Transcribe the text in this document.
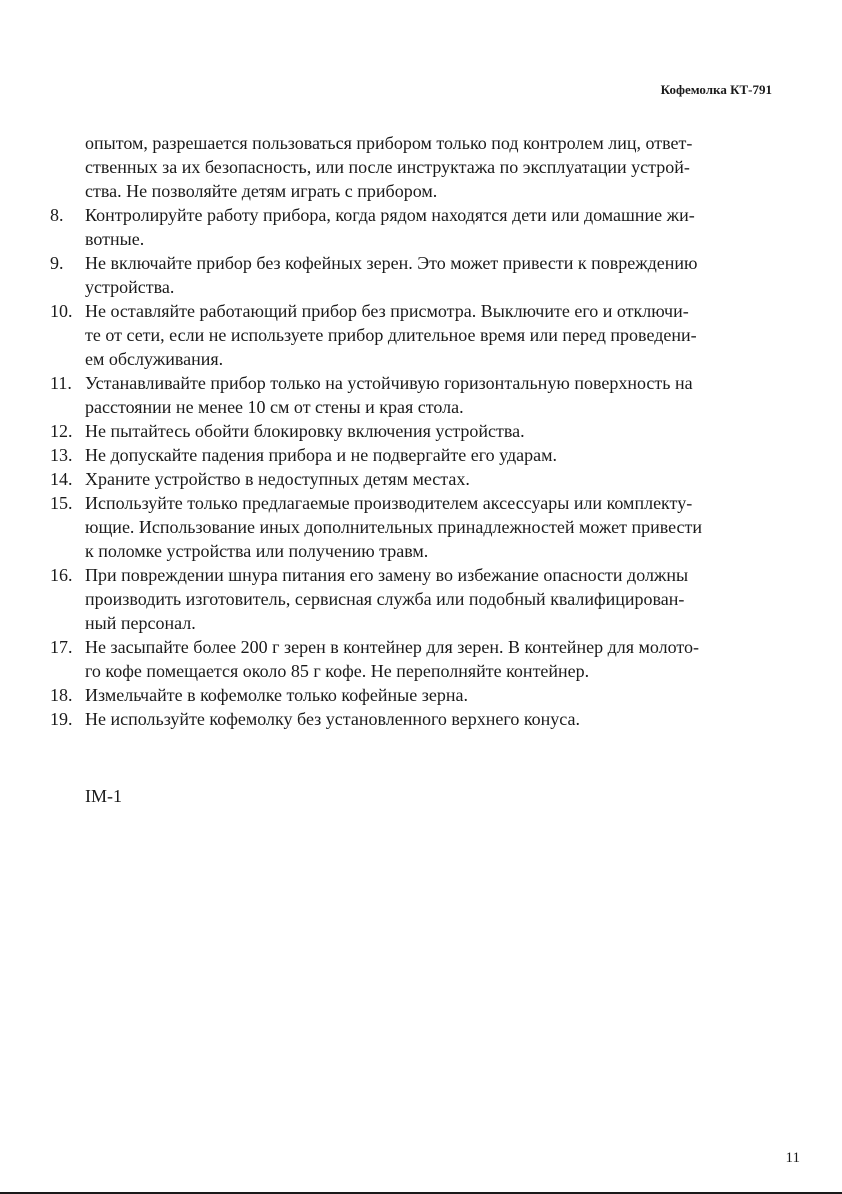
Кофемолка КТ-791
опытом, разрешается пользоваться прибором только под контролем лиц, ответ-
ственных за их безопасность, или после инструктажа по эксплуатации устрой-
ства. Не позволяйте детям играть с прибором.
8.	Контролируйте работу прибора, когда рядом находятся дети или домашние жи-
вотные.
9.	Не включайте прибор без кофейных зерен. Это может привести к повреждению
устройства.
10. Не оставляйте работающий прибор без присмотра. Выключите его и отключи-
те от сети, если не используете прибор длительное время или перед проведени-
ем обслуживания.
11. Устанавливайте прибор только на устойчивую горизонтальную поверхность на
расстоянии не менее 10 см от стены и края стола.
12. Не пытайтесь обойти блокировку включения устройства.
13. Не допускайте падения прибора и не подвергайте его ударам.
14. Храните устройство в недоступных детям местах.
15. Используйте только предлагаемые производителем аксессуары или комплекту-
ющие. Использование иных дополнительных принадлежностей может привести
к поломке устройства или получению травм.
16. При повреждении шнура питания его замену во избежание опасности должны
производить изготовитель, сервисная служба или подобный квалифицирован-
ный персонал.
17. Не засыпайте более 200 г зерен в контейнер для зерен. В контейнер для молото-
го кофе помещается около 85 г кофе. Не переполняйте контейнер.
18. Измельчайте в кофемолке только кофейные зерна.
19. Не используйте кофемолку без установленного верхнего конуса.
IM-1
11
